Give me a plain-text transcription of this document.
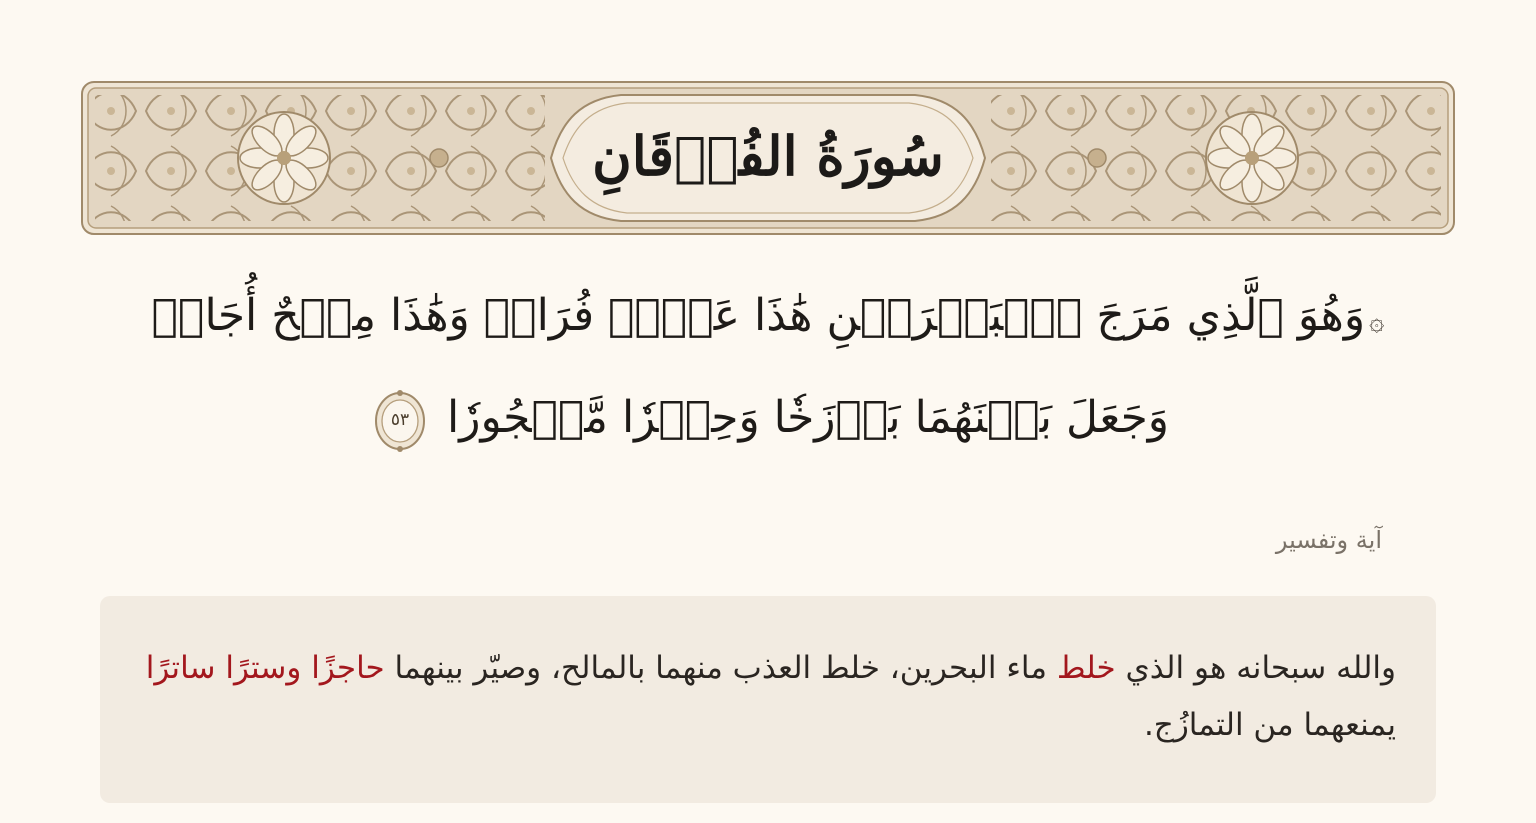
سُورَةُ الفُرۡقَانِ
۞وَهُوَ ٱلَّذِي مَرَجَ ٱلۡبَحۡرَيۡنِ هَٰذَا عَذۡبٞ فُرَاتٞ وَهَٰذَا مِلۡحٌ أُجَاجٞ وَجَعَلَ بَيۡنَهُمَا بَرۡزَخٗا وَحِجۡرٗا مَّحۡجُورٗا
٥٣
آية وتفسير
والله سبحانه هو الذي خلط ماء البحرين، خلط العذب منهما بالمالح، وصيّر بينهما حاجزًا وسترًا ساترًا يمنعهما من التمازُج.
